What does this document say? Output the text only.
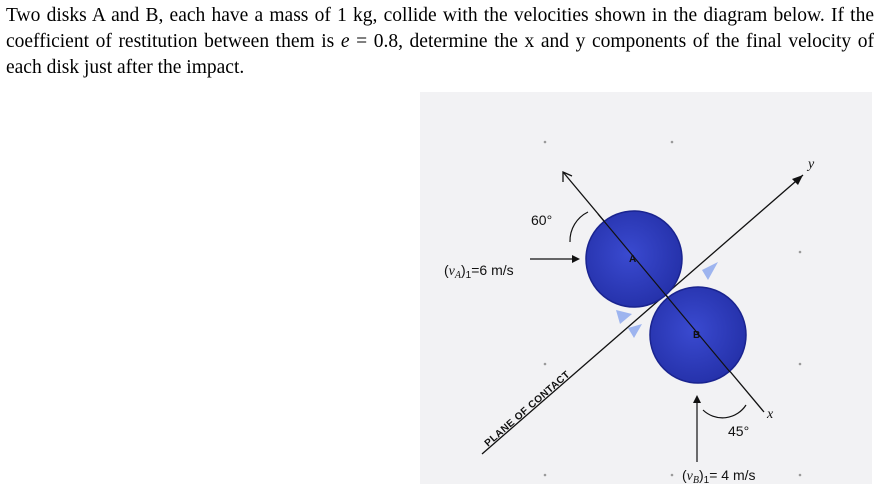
Two disks A and B, each have a mass of 1 kg, collide with the velocities shown in the diagram below. If the coefficient of restitution between them is e = 0.8, determine the x and y components of the final velocity of each disk just after the impact.

A
B
60°
$(v_A)_1=6$ m/s
45°
$(v_B)_1= 4$ m/s
x
y
PLANE OF CONTACT
